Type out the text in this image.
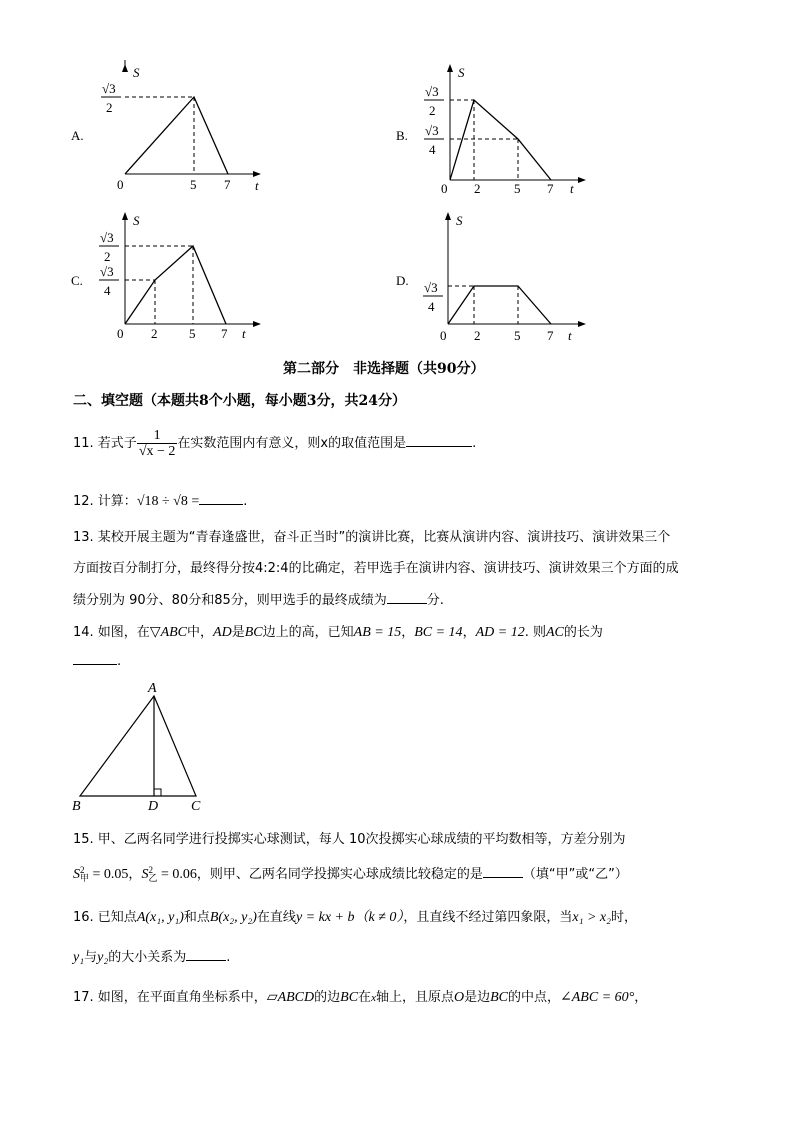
A.
S
t
0	5 7
√3
2
B.
S
t
0 2	5 7
√3
2
√3
4
C.
S
t
0 2 5 7
√3
2
√3
4
D.
S
t
0 2	5 7
√3
4
第二部分　非选择题（共90分）
二、填空题（本题共8个小题，每小题3分，共24分）
11. 若式子 $\frac{1}{√x - 2}$ 在实数范围内有意义，则x的取值范围是	.
12. 计算：√18 ÷ √8 =	.
13. 某校开展主题为“青春逢盛世，奋斗正当时”的演讲比赛，比赛从演讲内容、演讲技巧、演讲效果三个
方面按百分制打分，最终得分按4:2:4的比确定，若甲选手在演讲内容、演讲技巧、演讲效果三个方面的成
绩分别为 90分、80分和85分，则甲选手的最终成绩为	分.
14. 如图，在▽ABC中，AD是BC边上的高，已知AB = 15，BC = 14，AD = 12. 则AC的长为
.
A
B	D C
15. 甲、乙两名同学进行投掷实心球测试，每人 10次投掷实心球成绩的平均数相等，方差分别为
S 2
甲 = 0.05，S 2
乙 = 0.06，则甲、乙两名同学投掷实心球成绩比较稳定的是	（填“甲”或“乙”）
16. 已知点A(x₁, y₁)和点B(x₂, y₂)在直线y = kx + b（k ≠ 0），且直线不经过第四象限，当x₁ > x₂时，
y₁与y₂的大小关系为	.
17. 如图，在平面直角坐标系中，▱ABCD的边BC在x轴上，且原点O是边BC的中点，∠ABC = 60°，
